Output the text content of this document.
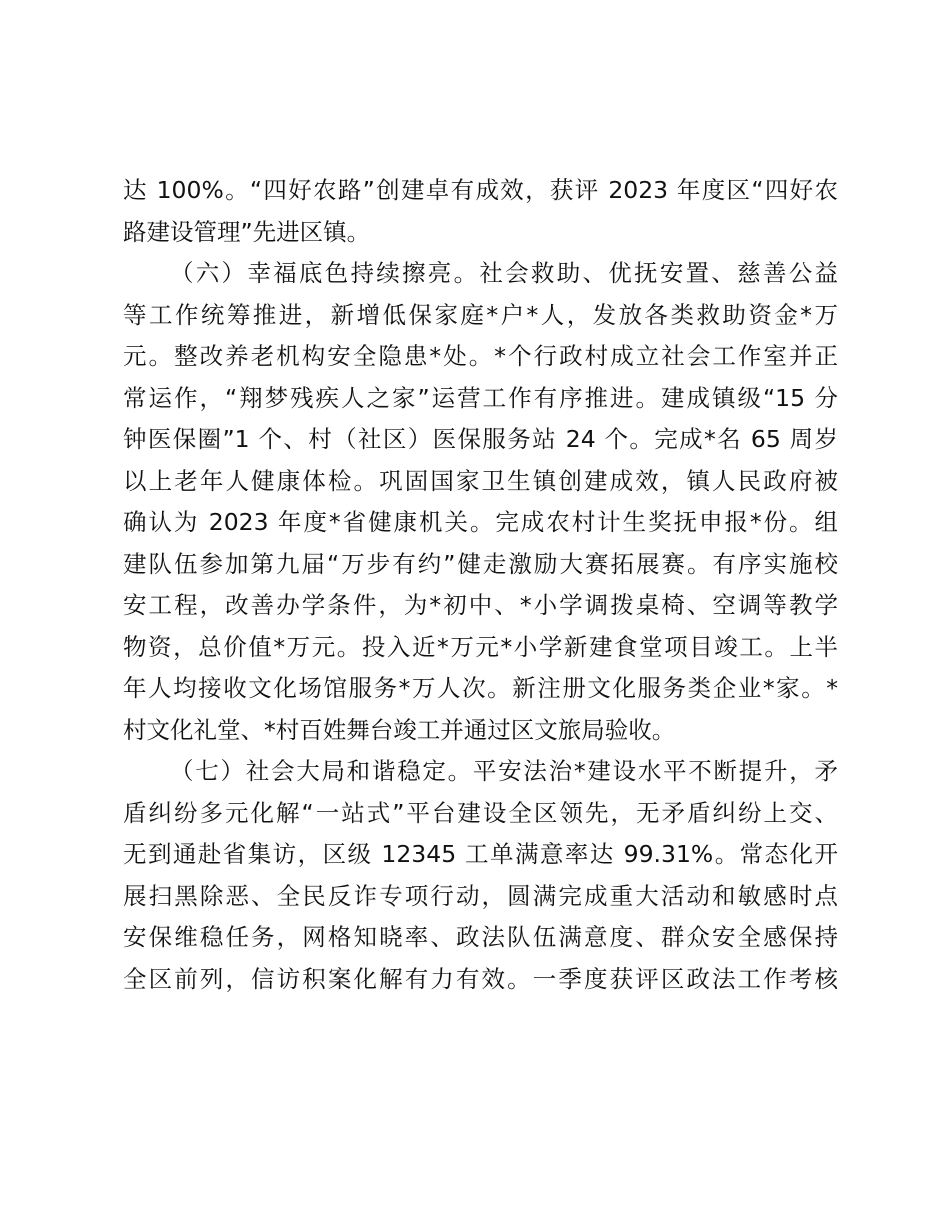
达 100%。“四好农路”创建卓有成效，获评 2023 年度区“四好农
路建设管理”先进区镇。
（六）幸福底色持续擦亮。社会救助、优抚安置、慈善公益
等工作统筹推进，新增低保家庭*户*人，发放各类救助资金*万
元。整改养老机构安全隐患*处。*个行政村成立社会工作室并正
常运作，“翔梦残疾人之家”运营工作有序推进。建成镇级“15 分
钟医保圈”1 个、村（社区）医保服务站 24 个。完成*名 65 周岁
以上老年人健康体检。巩固国家卫生镇创建成效，镇人民政府被
确认为 2023 年度*省健康机关。完成农村计生奖抚申报*份。组
建队伍参加第九届“万步有约”健走激励大赛拓展赛。有序实施校
安工程，改善办学条件，为*初中、*小学调拨桌椅、空调等教学
物资，总价值*万元。投入近*万元*小学新建食堂项目竣工。上半
年人均接收文化场馆服务*万人次。新注册文化服务类企业*家。*
村文化礼堂、*村百姓舞台竣工并通过区文旅局验收。
（七）社会大局和谐稳定。平安法治*建设水平不断提升，矛
盾纠纷多元化解“一站式”平台建设全区领先，无矛盾纠纷上交、
无到通赴省集访，区级 12345 工单满意率达 99.31%。常态化开
展扫黑除恶、全民反诈专项行动，圆满完成重大活动和敏感时点
安保维稳任务，网格知晓率、政法队伍满意度、群众安全感保持
全区前列，信访积案化解有力有效。一季度获评区政法工作考核
